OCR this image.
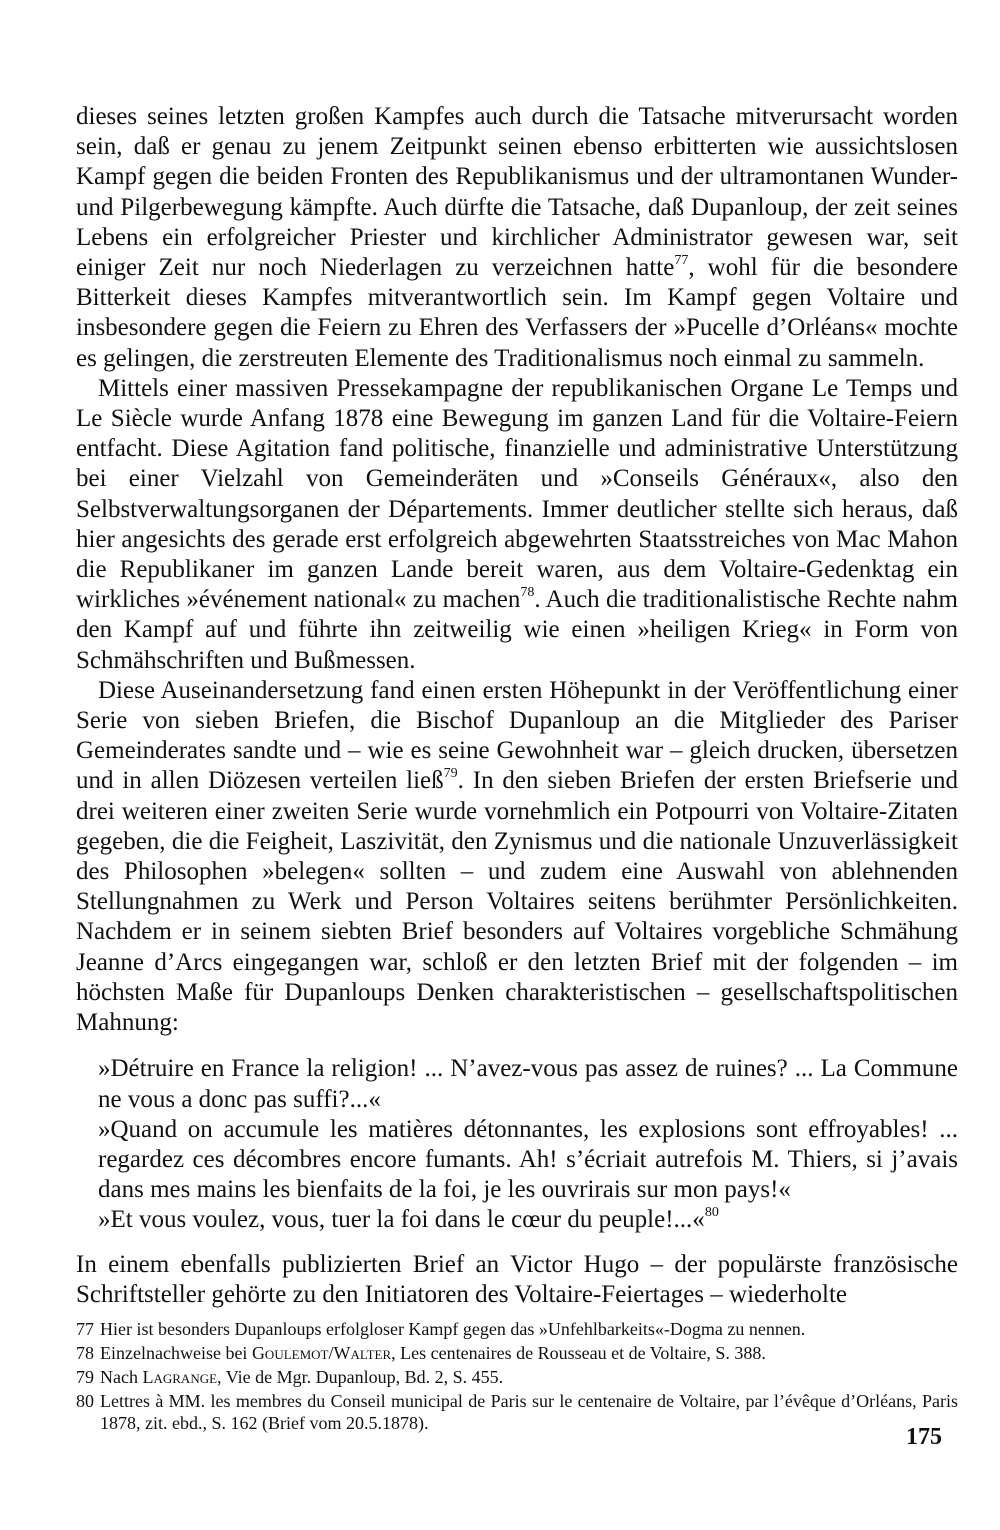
dieses seines letzten großen Kampfes auch durch die Tatsache mitverursacht worden sein, daß er genau zu jenem Zeitpunkt seinen ebenso erbitterten wie aussichtslosen Kampf gegen die beiden Fronten des Republikanismus und der ultramontanen Wunder- und Pilgerbewegung kämpfte. Auch dürfte die Tatsache, daß Dupanloup, der zeit seines Lebens ein erfolgreicher Priester und kirchlicher Administrator gewesen war, seit einiger Zeit nur noch Niederlagen zu verzeichnen hatte$^{77}$, wohl für die besondere Bitterkeit dieses Kampfes mitverantwortlich sein. Im Kampf gegen Voltaire und insbesondere gegen die Feiern zu Ehren des Verfassers der »Pucelle d’Orléans« mochte es gelingen, die zerstreuten Elemente des Traditionalismus noch einmal zu sammeln.

Mittels einer massiven Pressekampagne der republikanischen Organe Le Temps und Le Siècle wurde Anfang 1878 eine Bewegung im ganzen Land für die Voltaire-Feiern entfacht. Diese Agitation fand politische, finanzielle und administrative Unterstützung bei einer Vielzahl von Gemeinderäten und »Conseils Généraux«, also den Selbstverwaltungsorganen der Départements. Immer deutlicher stellte sich heraus, daß hier angesichts des gerade erst erfolgreich abgewehrten Staatsstreiches von Mac Mahon die Republikaner im ganzen Lande bereit waren, aus dem Voltaire-Gedenktag ein wirkliches »événement national« zu machen$^{78}$. Auch die traditionalistische Rechte nahm den Kampf auf und führte ihn zeitweilig wie einen »heiligen Krieg« in Form von Schmähschriften und Bußmessen.

Diese Auseinandersetzung fand einen ersten Höhepunkt in der Veröffentlichung einer Serie von sieben Briefen, die Bischof Dupanloup an die Mitglieder des Pariser Gemeinderates sandte und – wie es seine Gewohnheit war – gleich drucken, übersetzen und in allen Diözesen verteilen ließ$^{79}$. In den sieben Briefen der ersten Briefserie und drei weiteren einer zweiten Serie wurde vornehmlich ein Potpourri von Voltaire-Zitaten gegeben, die die Feigheit, Laszivität, den Zynismus und die nationale Unzuverlässigkeit des Philosophen »belegen« sollten – und zudem eine Auswahl von ablehnenden Stellungnahmen zu Werk und Person Voltaires seitens berühmter Persönlichkeiten. Nachdem er in seinem siebten Brief besonders auf Voltaires vorgebliche Schmähung Jeanne d’Arcs eingegangen war, schloß er den letzten Brief mit der folgenden – im höchsten Maße für Dupanloups Denken charakteristischen – gesellschaftspolitischen Mahnung:

»Détruire en France la religion! ... N’avez-vous pas assez de ruines? ... La Commune ne vous a donc pas suffi?...«
»Quand on accumule les matières détonnantes, les explosions sont effroyables! ... regardez ces décombres encore fumants. Ah! s’écriait autrefois M. Thiers, si j’avais dans mes mains les bienfaits de la foi, je les ouvrirais sur mon pays!«
»Et vous voulez, vous, tuer la foi dans le cœur du peuple!...«$^{80}$

In einem ebenfalls publizierten Brief an Victor Hugo – der populärste französische Schriftsteller gehörte zu den Initiatoren des Voltaire-Feiertages – wiederholte

77 Hier ist besonders Dupanloups erfolgloser Kampf gegen das »Unfehlbarkeits«-Dogma zu nennen.
78 Einzelnachweise bei Goulemot/Walter, Les centenaires de Rousseau et de Voltaire, S. 388.
79 Nach Lagrange, Vie de Mgr. Dupanloup, Bd. 2, S. 455.
80 Lettres à MM. les membres du Conseil municipal de Paris sur le centenaire de Voltaire, par l’évêque d’Orléans, Paris 1878, zit. ebd., S. 162 (Brief vom 20.5.1878).
175
